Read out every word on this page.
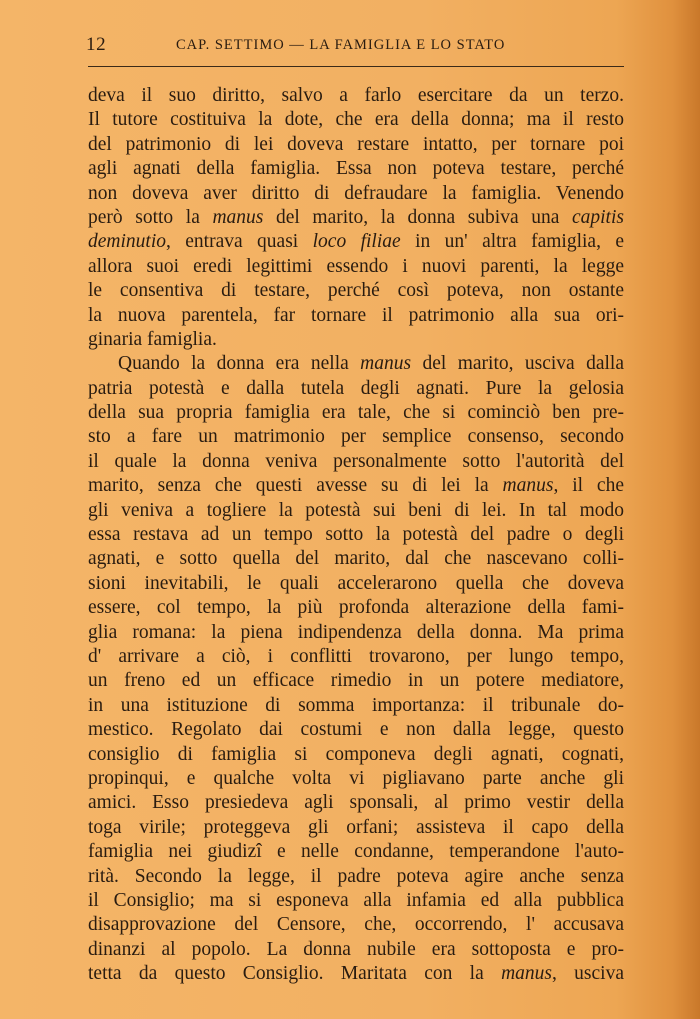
12	CAP. SETTIMO — LA FAMIGLIA E LO STATO
deva il suo diritto, salvo a farlo esercitare da un terzo.
Il tutore costituiva la dote, che era della donna; ma il resto
del patrimonio di lei doveva restare intatto, per tornare poi
agli agnati della famiglia. Essa non poteva testare, perché
non doveva aver diritto di defraudare la famiglia. Venendo
però sotto la manus del marito, la donna subiva una capitis
deminutio, entrava quasi loco filiae in un' altra famiglia, e
allora suoi eredi legittimi essendo i nuovi parenti, la legge
le consentiva di testare, perché così poteva, non ostante
la nuova parentela, far tornare il patrimonio alla sua ori-
ginaria famiglia.
Quando la donna era nella manus del marito, usciva dalla
patria potestà e dalla tutela degli agnati. Pure la gelosia
della sua propria famiglia era tale, che si cominciò ben pre-
sto a fare un matrimonio per semplice consenso, secondo
il quale la donna veniva personalmente sotto l'autorità del
marito, senza che questi avesse su di lei la manus, il che
gli veniva a togliere la potestà sui beni di lei. In tal modo
essa restava ad un tempo sotto la potestà del padre o degli
agnati, e sotto quella del marito, dal che nascevano colli-
sioni inevitabili, le quali accelerarono quella che doveva
essere, col tempo, la più profonda alterazione della fami-
glia romana: la piena indipendenza della donna. Ma prima
d' arrivare a ciò, i conflitti trovarono, per lungo tempo,
un freno ed un efficace rimedio in un potere mediatore,
in una istituzione di somma importanza: il tribunale do-
mestico. Regolato dai costumi e non dalla legge, questo
consiglio di famiglia si componeva degli agnati, cognati,
propinqui, e qualche volta vi pigliavano parte anche gli
amici. Esso presiedeva agli sponsali, al primo vestir della
toga virile; proteggeva gli orfani; assisteva il capo della
famiglia nei giudizî e nelle condanne, temperandone l'auto-
rità. Secondo la legge, il padre poteva agire anche senza
il Consiglio; ma si esponeva alla infamia ed alla pubblica
disapprovazione del Censore, che, occorrendo, l' accusava
dinanzi al popolo. La donna nubile era sottoposta e pro-
tetta da questo Consiglio. Maritata con la manus, usciva
